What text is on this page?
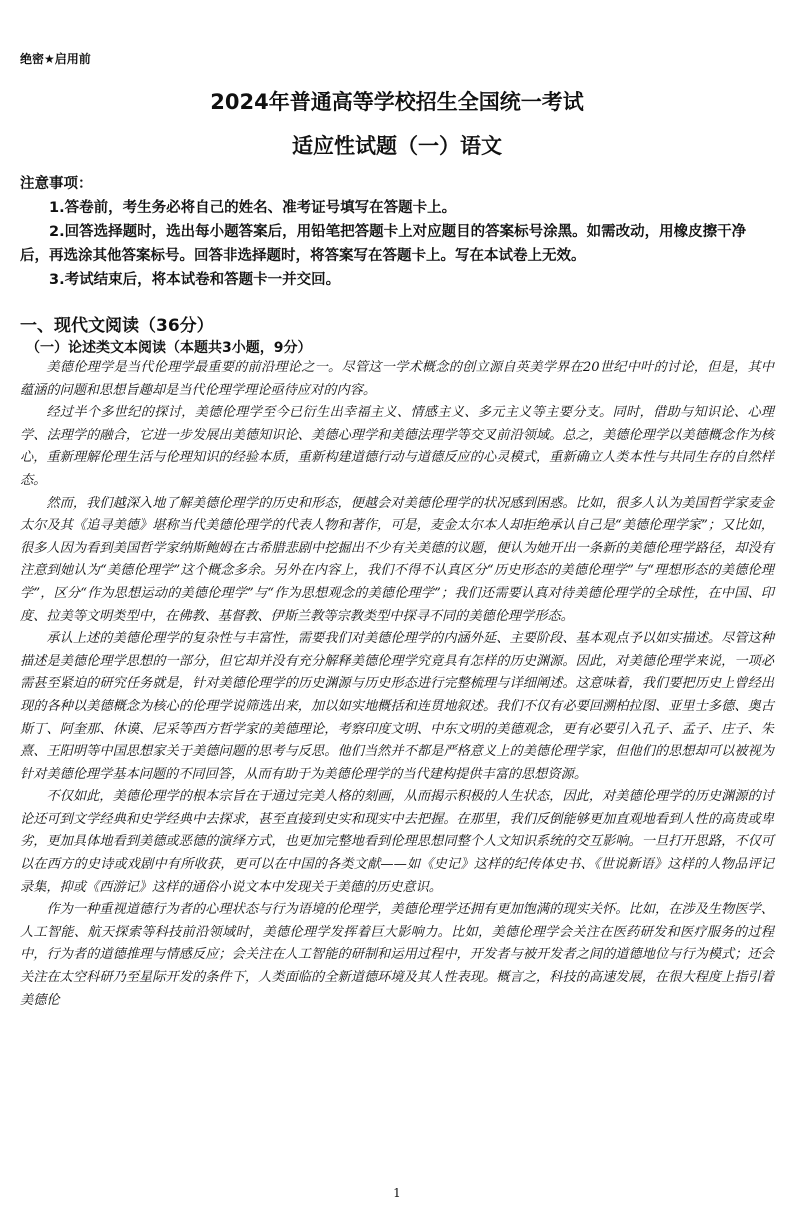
绝密★启用前
2024年普通高等学校招生全国统一考试
适应性试题（一）语文

注意事项：

1.答卷前，考生务必将自己的姓名、准考证号填写在答题卡上。

2.回答选择题时，选出每小题答案后，用铅笔把答题卡上对应题目的答案标号涂黑。如需改动，用橡皮擦干净后，再选涂其他答案标号。回答非选择题时，将答案写在答题卡上。写在本试卷上无效。

3.考试结束后，将本试卷和答题卡一并交回。

一、现代文阅读（36分）
（一）论述类文本阅读（本题共3小题，9分）

美德伦理学是当代伦理学最重要的前沿理论之一。尽管这一学术概念的创立源自英美学界在20世纪中叶的讨论，但是，其中蕴涵的问题和思想旨趣却是当代伦理学理论亟待应对的内容。

经过半个多世纪的探讨，美德伦理学至今已衍生出幸福主义、情感主义、多元主义等主要分支。同时，借助与知识论、心理学、法理学的融合，它进一步发展出美德知识论、美德心理学和美德法理学等交叉前沿领域。总之，美德伦理学以美德概念作为核心，重新理解伦理生活与伦理知识的经验本质，重新构建道德行动与道德反应的心灵模式，重新确立人类本性与共同生存的自然样态。

然而，我们越深入地了解美德伦理学的历史和形态，便越会对美德伦理学的状况感到困惑。比如，很多人认为美国哲学家麦金太尔及其《追寻美德》堪称当代美德伦理学的代表人物和著作，可是，麦金太尔本人却拒绝承认自己是“美德伦理学家”；又比如，很多人因为看到美国哲学家纳斯鲍姆在古希腊悲剧中挖掘出不少有关美德的议题，便认为她开出一条新的美德伦理学路径，却没有注意到她认为“美德伦理学”这个概念多余。另外在内容上，我们不得不认真区分“历史形态的美德伦理学”与“理想形态的美德伦理学”，区分“作为思想运动的美德伦理学”与“作为思想观念的美德伦理学”；我们还需要认真对待美德伦理学的全球性，在中国、印度、拉美等文明类型中，在佛教、基督教、伊斯兰教等宗教类型中探寻不同的美德伦理学形态。

承认上述的美德伦理学的复杂性与丰富性，需要我们对美德伦理学的内涵外延、主要阶段、基本观点予以如实描述。尽管这种描述是美德伦理学思想的一部分，但它却并没有充分解释美德伦理学究竟具有怎样的历史渊源。因此，对美德伦理学来说，一项必需甚至紧迫的研究任务就是，针对美德伦理学的历史渊源与历史形态进行完整梳理与详细阐述。这意味着，我们要把历史上曾经出现的各种以美德概念为核心的伦理学说筛选出来，加以如实地概括和连贯地叙述。我们不仅有必要回溯柏拉图、亚里士多德、奥古斯丁、阿奎那、休谟、尼采等西方哲学家的美德理论，考察印度文明、中东文明的美德观念，更有必要引入孔子、孟子、庄子、朱熹、王阳明等中国思想家关于美德问题的思考与反思。他们当然并不都是严格意义上的美德伦理学家，但他们的思想却可以被视为针对美德伦理学基本问题的不同回答，从而有助于为美德伦理学的当代建构提供丰富的思想资源。

不仅如此，美德伦理学的根本宗旨在于通过完美人格的刻画，从而揭示积极的人生状态，因此，对美德伦理学的历史渊源的讨论还可到文学经典和史学经典中去探求，甚至直接到史实和现实中去把握。在那里，我们反倒能够更加直观地看到人性的高贵或卑劣，更加具体地看到美德或恶德的演绎方式，也更加完整地看到伦理思想同整个人文知识系统的交互影响。一旦打开思路，不仅可以在西方的史诗或戏剧中有所收获，更可以在中国的各类文献——如《史记》这样的纪传体史书、《世说新语》这样的人物品评记录集，抑或《西游记》这样的通俗小说文本中发现关于美德的历史意识。

作为一种重视道德行为者的心理状态与行为语境的伦理学，美德伦理学还拥有更加饱满的现实关怀。比如，在涉及生物医学、人工智能、航天探索等科技前沿领域时，美德伦理学发挥着巨大影响力。比如，美德伦理学会关注在医药研发和医疗服务的过程中，行为者的道德推理与情感反应；会关注在人工智能的研制和运用过程中，开发者与被开发者之间的道德地位与行为模式；还会关注在太空科研乃至星际开发的条件下，人类面临的全新道德环境及其人性表现。概言之，科技的高速发展，在很大程度上指引着美德伦

1
